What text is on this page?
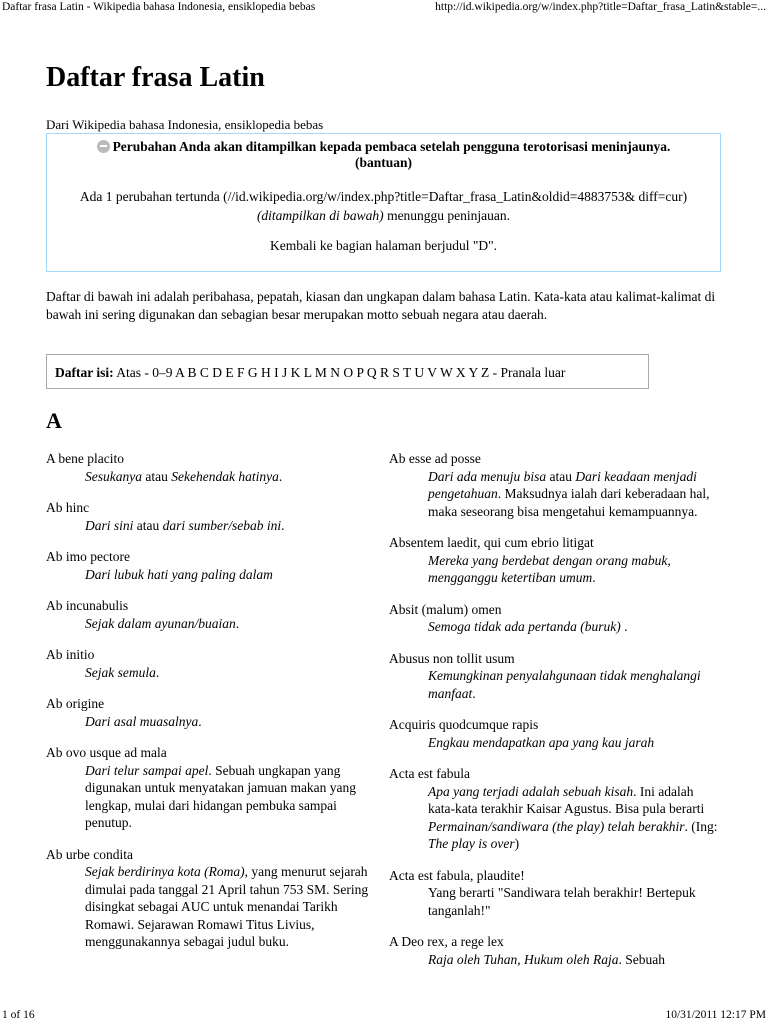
Daftar frasa Latin - Wikipedia bahasa Indonesia, ensiklopedia bebas	http://id.wikipedia.org/w/index.php?title=Daftar_frasa_Latin&stable=...
Daftar frasa Latin
Dari Wikipedia bahasa Indonesia, ensiklopedia bebas
Perubahan Anda akan ditampilkan kepada pembaca setelah pengguna terotorisasi meninjaunya.
(bantuan)
Ada 1 perubahan tertunda (//id.wikipedia.org/w/index.php?title=Daftar_frasa_Latin&oldid=4883753& diff=cur) (ditampilkan di bawah) menunggu peninjauan.
Kembali ke bagian halaman berjudul "D".
Daftar di bawah ini adalah peribahasa, pepatah, kiasan dan ungkapan dalam bahasa Latin. Kata-kata atau kalimat-kalimat di bawah ini sering digunakan dan sebagian besar merupakan motto sebuah negara atau daerah.
Daftar isi: Atas - 0–9 A B C D E F G H I J K L M N O P Q R S T U V W X Y Z - Pranala luar
A
A bene placito
Sesukanya atau Sekehendak hatinya.
Ab hinc
Dari sini atau dari sumber/sebab ini.
Ab imo pectore
Dari lubuk hati yang paling dalam
Ab incunabulis
Sejak dalam ayunan/buaian.
Ab initio
Sejak semula.
Ab origine
Dari asal muasalnya.
Ab ovo usque ad mala
Dari telur sampai apel. Sebuah ungkapan yang digunakan untuk menyatakan jamuan makan yang lengkap, mulai dari hidangan pembuka sampai penutup.
Ab urbe condita
Sejak berdirinya kota (Roma), yang menurut sejarah dimulai pada tanggal 21 April tahun 753 SM. Sering disingkat sebagai AUC untuk menandai Tarikh Romawi. Sejarawan Romawi Titus Livius, menggunakannya sebagai judul buku.
Ab esse ad posse
Dari ada menuju bisa atau Dari keadaan menjadi pengetahuan. Maksudnya ialah dari keberadaan hal, maka seseorang bisa mengetahui kemampuannya.
Absentem laedit, qui cum ebrio litigat
Mereka yang berdebat dengan orang mabuk, mengganggu ketertiban umum.
Absit (malum) omen
Semoga tidak ada pertanda (buruk) .
Abusus non tollit usum
Kemungkinan penyalahgunaan tidak menghalangi manfaat.
Acquiris quodcumque rapis
Engkau mendapatkan apa yang kau jarah
Acta est fabula
Apa yang terjadi adalah sebuah kisah. Ini adalah kata-kata terakhir Kaisar Agustus. Bisa pula berarti Permainan/sandiwara (the play) telah berakhir. (Ing: The play is over)
Acta est fabula, plaudite!
Yang berarti "Sandiwara telah berakhir! Bertepuk tanganlah!"
A Deo rex, a rege lex
Raja oleh Tuhan, Hukum oleh Raja. Sebuah
1 of 16	10/31/2011 12:17 PM
